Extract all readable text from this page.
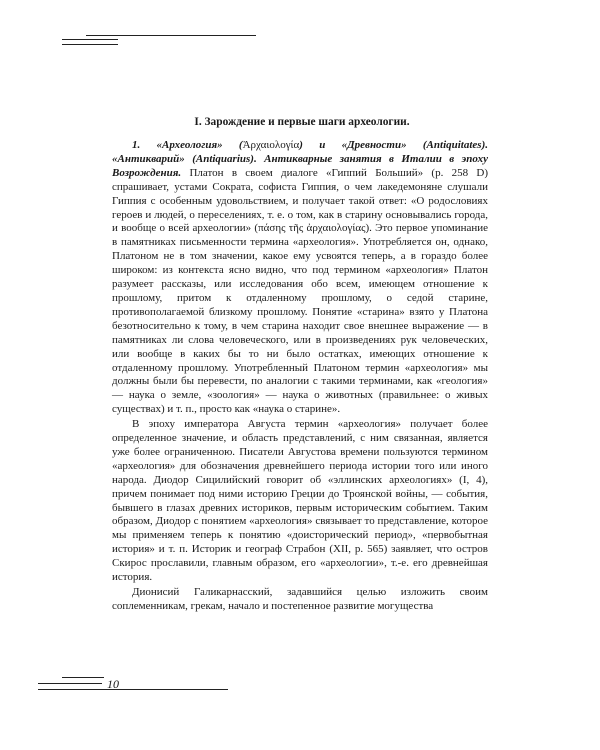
I. Зарождение и первые шаги археологии.

1. «Археология» (Ἀρχαιολογία) и «Древности» (Antiquitates). «Антикварий» (Antiquarius). Антикварные занятия в Италии в эпоху Возрождения. Платон в своем диалоге «Гиппий Больший» (р. 258 D) спрашивает, устами Сократа, софиста Гиппия, о чем лакедемоняне слушали Гиппия с особенным удовольствием, и получает такой ответ: «О родословиях героев и людей, о переселениях, т. е. о том, как в старину основывались города, и вообще о всей археологии» (πάσης τῆς ἀρχαιολογίας). Это первое упоминание в памятниках письменности термина «археология». Употребляется он, однако, Платоном не в том значении, какое ему усвоятся теперь, а в гораздо более широком: из контекста ясно видно, что под термином «археология» Платон разумеет рассказы, или исследования обо всем, имеющем отношение к прошлому, притом к отдаленному прошлому, о седой старине, противополагаемой близкому прошлому. Понятие «старина» взято у Платона безотносительно к тому, в чем старина находит свое внешнее выражение — в памятниках ли слова человеческого, или в произведениях рук человеческих, или вообще в каких бы то ни было остатках, имеющих отношение к отдаленному прошлому. Употребленный Платоном термин «археология» мы должны были бы перевести, по аналогии с такими терминами, как «геология» — наука о земле, «зоология» — наука о животных (правильнее: о живых существах) и т. п., просто как «наука о старине».

В эпоху императора Августа термин «археология» получает более определенное значение, и область представлений, с ним связанная, является уже более ограниченною. Писатели Августова времени пользуются термином «археология» для обозначения древнейшего периода истории того или иного народа. Диодор Сицилийский говорит об «эллинских археологиях» (I, 4), причем понимает под ними историю Греции до Троянской войны, — события, бывшего в глазах древних историков, первым историческим событием. Таким образом, Диодор с понятием «археология» связывает то представление, которое мы применяем теперь к понятию «доисторический период», «первобытная история» и т. п. Историк и географ Страбон (XII, р. 565) заявляет, что остров Скирос прославили, главным образом, его «археологии», т.-е. его древнейшая история.

Дионисий Галикарнасский, задавшийся целью изложить своим соплеменникам, грекам, начало и постепенное развитие могущества

10
